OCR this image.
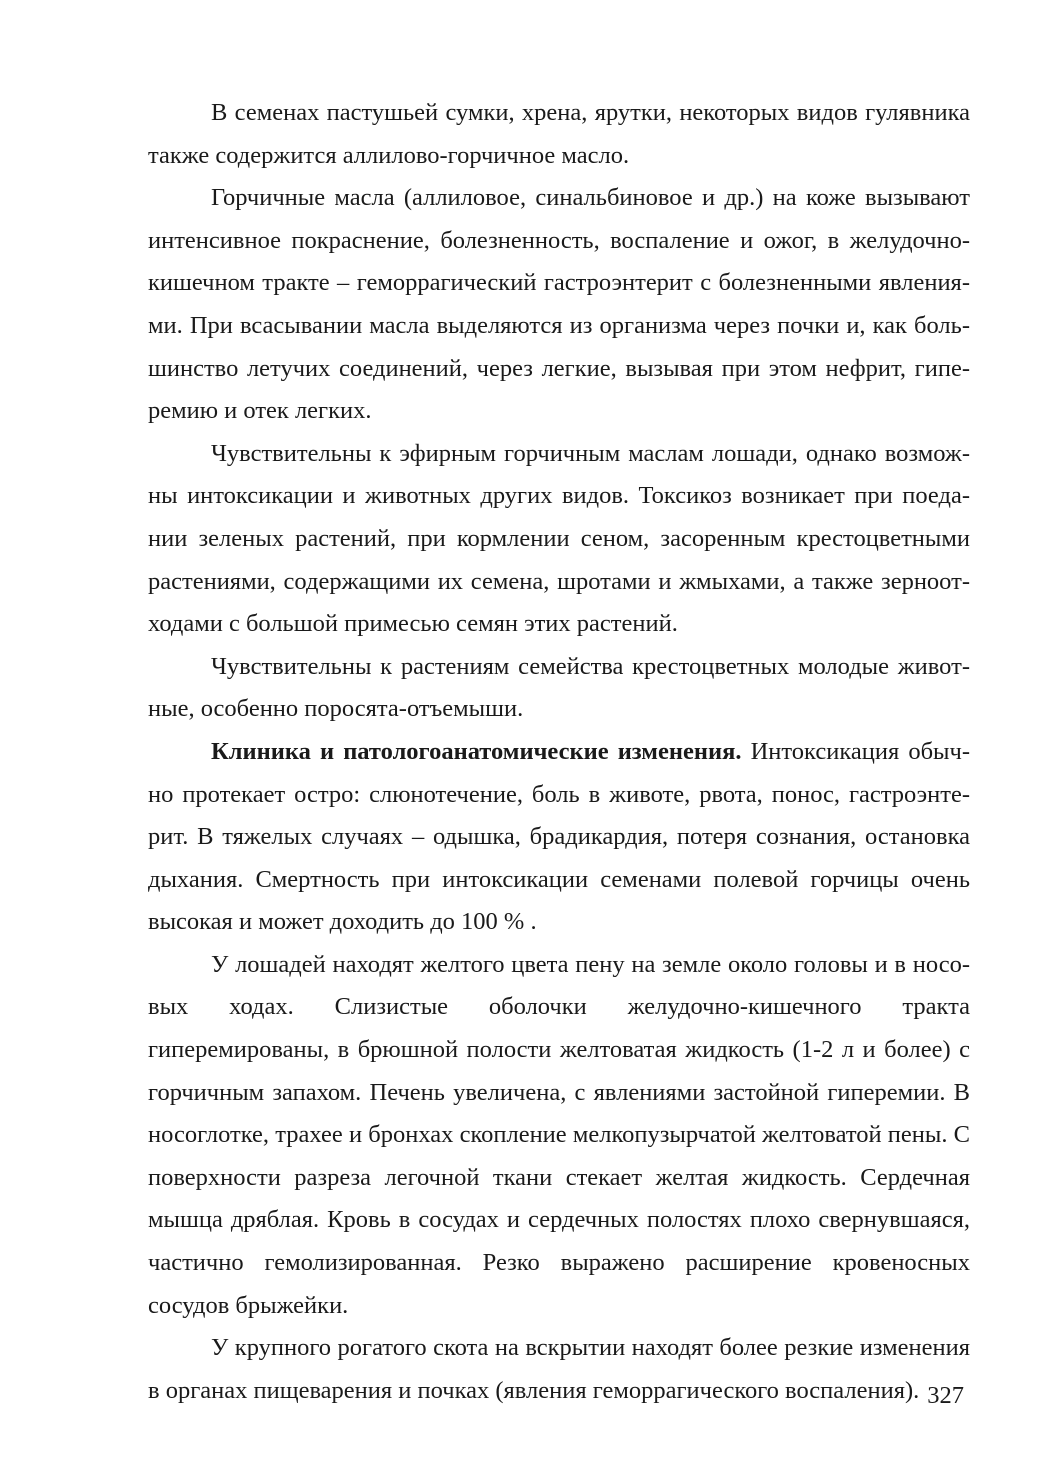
В семенах пастушьей сумки, хрена, ярутки, некоторых видов гулявника также содержится аллилово-горчичное масло.

Горчичные масла (аллиловое, синальбиновое и др.) на коже вызывают интенсивное покраснение, болезненность, воспаление и ожог, в желудочно-кишечном тракте – геморрагический гастроэнтерит с болезненными явлениями. При всасывании масла выделяются из организма через почки и, как большинство летучих соединений, через легкие, вызывая при этом нефрит, гиперемию и отек легких.

Чувствительны к эфирным горчичным маслам лошади, однако возможны интоксикации и животных других видов. Токсикоз возникает при поедании зеленых растений, при кормлении сеном, засоренным крестоцветными растениями, содержащими их семена, шротами и жмыхами, а также зерноотходами с большой примесью семян этих растений.

Чувствительны к растениям семейства крестоцветных молодые животные, особенно поросята-отъемыши.

Клиника и патологоанатомические изменения. Интоксикация обычно протекает остро: слюнотечение, боль в животе, рвота, понос, гастроэнтерит. В тяжелых случаях – одышка, брадикардия, потеря сознания, остановка дыхания. Смертность при интоксикации семенами полевой горчицы очень высокая и может доходить до 100 % .

У лошадей находят желтого цвета пену на земле около головы и в носовых ходах. Слизистые оболочки желудочно-кишечного тракта гиперемированы, в брюшной полости желтоватая жидкость (1-2 л и более) с горчичным запахом. Печень увеличена, с явлениями застойной гиперемии. В носоглотке, трахее и бронхах скопление мелкопузырчатой желтоватой пены. С поверхности разреза легочной ткани стекает желтая жидкость. Сердечная мышца дряблая. Кровь в сосудах и сердечных полостях плохо свернувшаяся, частично гемолизированная. Резко выражено расширение кровеносных сосудов брыжейки.

У крупного рогатого скота на вскрытии находят более резкие изменения в органах пищеварения и почках (явления геморрагического воспаления). 327
